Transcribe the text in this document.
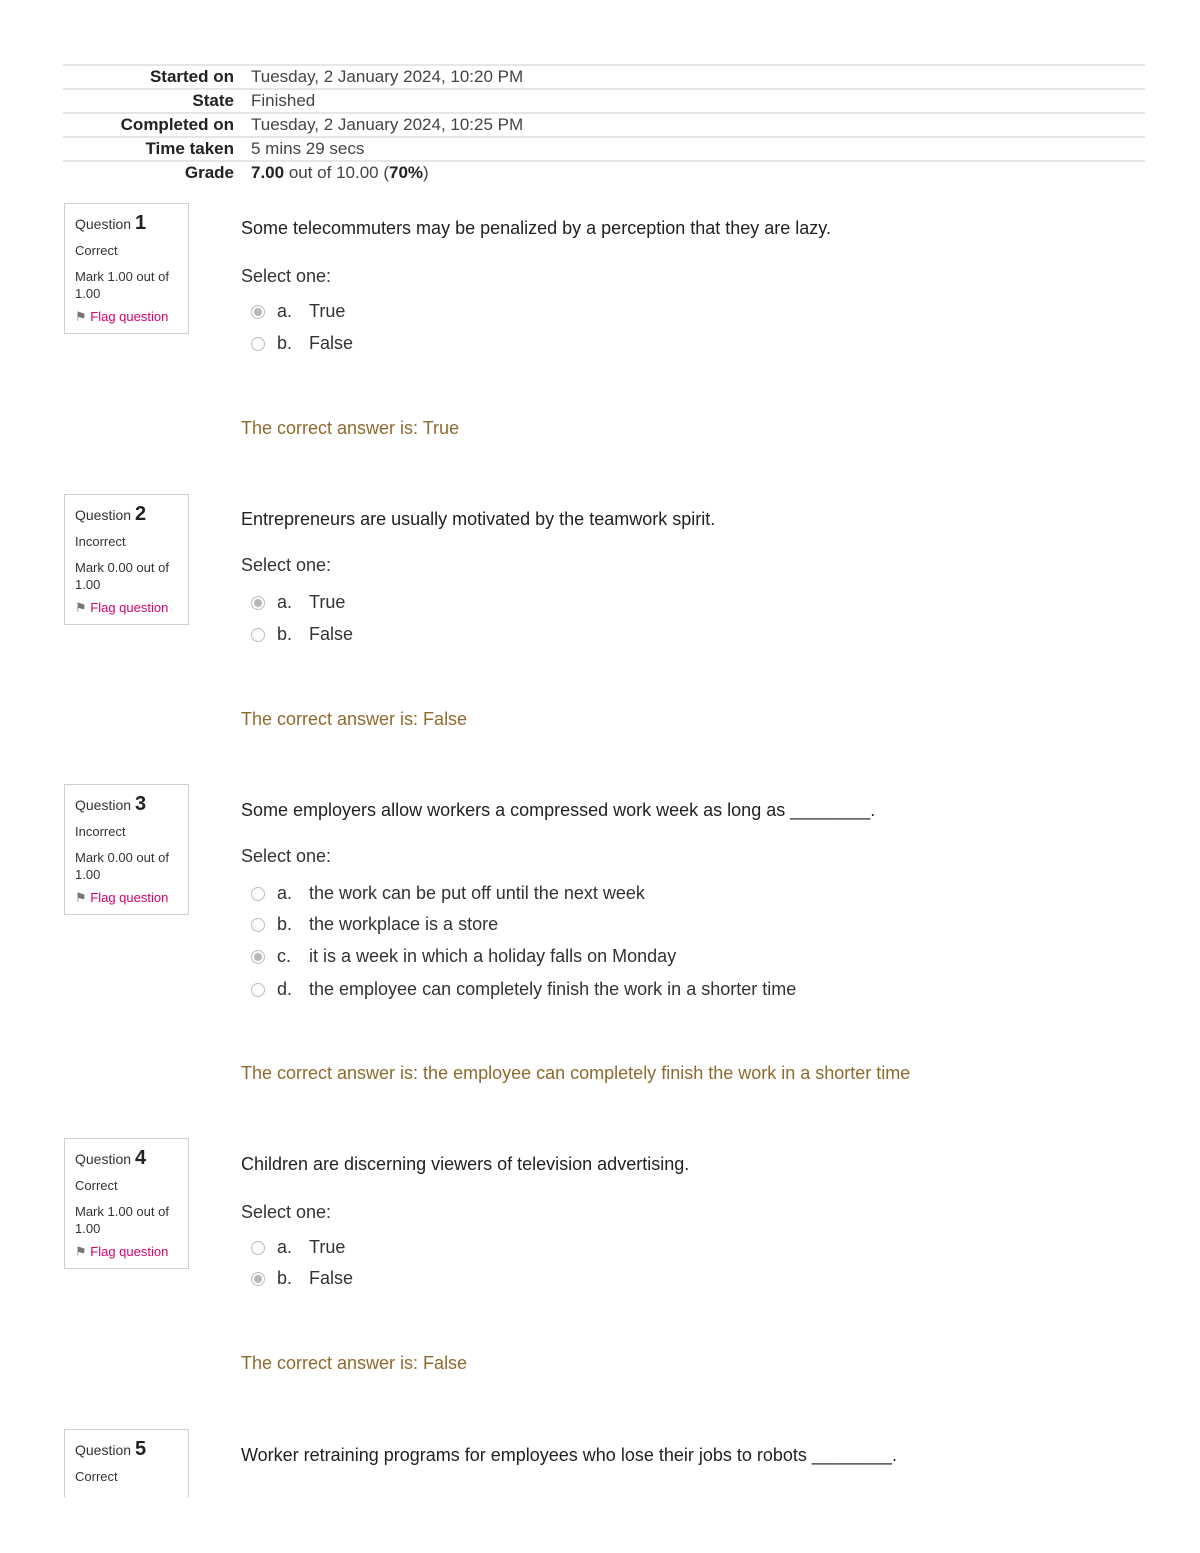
Started on	Tuesday, 2 January 2024, 10:20 PM
State	Finished
Completed on	Tuesday, 2 January 2024, 10:25 PM
Time taken	5 mins 29 secs
Grade	7.00 out of 10.00 (70%)
Question 1
Correct
Mark 1.00 out of 1.00
⚑ Flag question
Some telecommuters may be penalized by a perception that they are lazy.
Select one:
a. True
b. False
The correct answer is: True
Question 2
Incorrect
Mark 0.00 out of 1.00
⚑ Flag question
Entrepreneurs are usually motivated by the teamwork spirit.
Select one:
a. True
b. False
The correct answer is: False
Question 3
Incorrect
Mark 0.00 out of 1.00
⚑ Flag question
Some employers allow workers a compressed work week as long as ________.
Select one:
a. the work can be put off until the next week
b. the workplace is a store
c. it is a week in which a holiday falls on Monday
d. the employee can completely finish the work in a shorter time
The correct answer is: the employee can completely finish the work in a shorter time
Question 4
Correct
Mark 1.00 out of 1.00
⚑ Flag question
Children are discerning viewers of television advertising.
Select one:
a. True
b. False
The correct answer is: False
Question 5
Correct
Worker retraining programs for employees who lose their jobs to robots ________.
